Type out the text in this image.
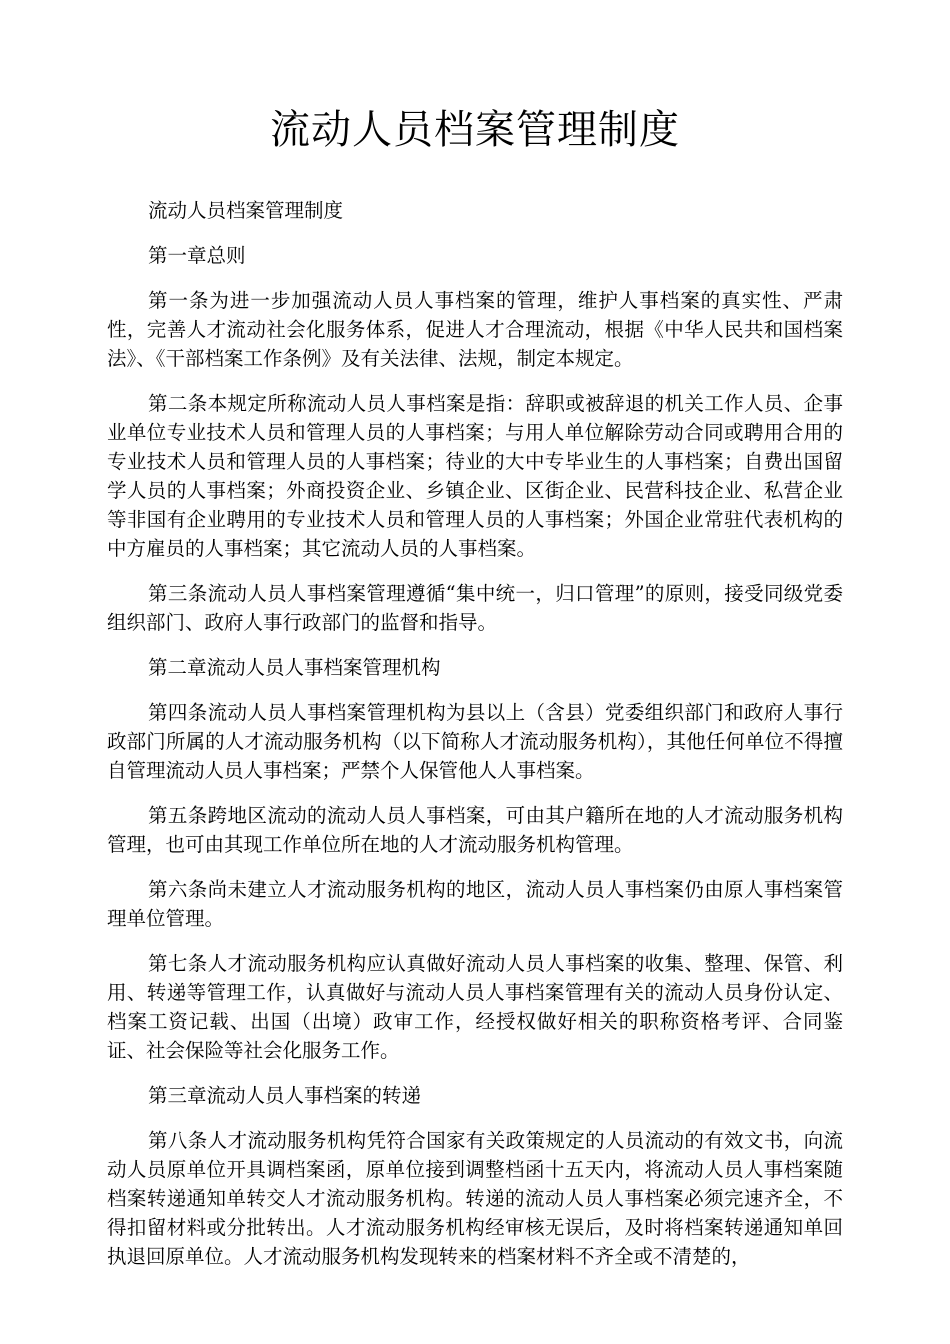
流动人员档案管理制度

流动人员档案管理制度

第一章总则

第一条为进一步加强流动人员人事档案的管理，维护人事档案的真实性、严肃性，完善人才流动社会化服务体系，促进人才合理流动，根据《中华人民共和国档案法》、《干部档案工作条例》及有关法律、法规，制定本规定。

第二条本规定所称流动人员人事档案是指：辞职或被辞退的机关工作人员、企事业单位专业技术人员和管理人员的人事档案；与用人单位解除劳动合同或聘用合用的专业技术人员和管理人员的人事档案；待业的大中专毕业生的人事档案；自费出国留学人员的人事档案；外商投资企业、乡镇企业、区街企业、民营科技企业、私营企业等非国有企业聘用的专业技术人员和管理人员的人事档案；外国企业常驻代表机构的中方雇员的人事档案；其它流动人员的人事档案。

第三条流动人员人事档案管理遵循“集中统一，归口管理”的原则，接受同级党委组织部门、政府人事行政部门的监督和指导。

第二章流动人员人事档案管理机构

第四条流动人员人事档案管理机构为县以上（含县）党委组织部门和政府人事行政部门所属的人才流动服务机构（以下简称人才流动服务机构），其他任何单位不得擅自管理流动人员人事档案；严禁个人保管他人人事档案。

第五条跨地区流动的流动人员人事档案，可由其户籍所在地的人才流动服务机构管理，也可由其现工作单位所在地的人才流动服务机构管理。

第六条尚未建立人才流动服务机构的地区，流动人员人事档案仍由原人事档案管理单位管理。

第七条人才流动服务机构应认真做好流动人员人事档案的收集、整理、保管、利用、转递等管理工作，认真做好与流动人员人事档案管理有关的流动人员身份认定、档案工资记载、出国（出境）政审工作，经授权做好相关的职称资格考评、合同鉴证、社会保险等社会化服务工作。

第三章流动人员人事档案的转递

第八条人才流动服务机构凭符合国家有关政策规定的人员流动的有效文书，向流动人员原单位开具调档案函，原单位接到调整档函十五天内，将流动人员人事档案随档案转递通知单转交人才流动服务机构。转递的流动人员人事档案必须完速齐全，不得扣留材料或分批转出。人才流动服务机构经审核无误后，及时将档案转递通知单回执退回原单位。人才流动服务机构发现转来的档案材料不齐全或不清楚的，
